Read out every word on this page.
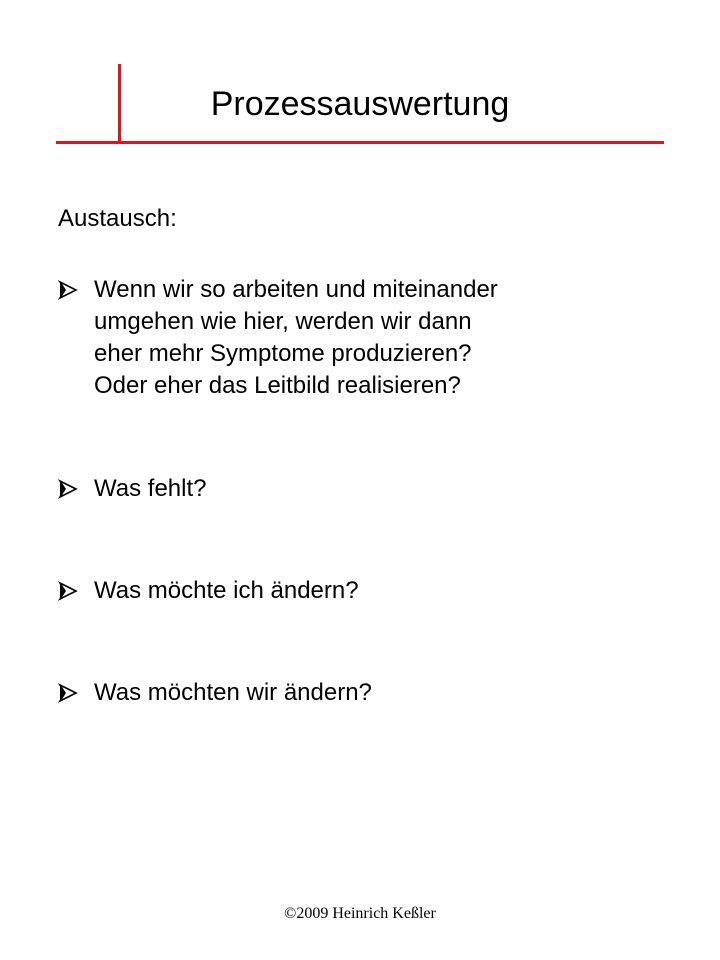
Prozessauswertung
Austausch:
Wenn wir so arbeiten und miteinander
umgehen wie hier, werden wir dann
eher mehr Symptome produzieren?
Oder eher das Leitbild realisieren?
Was fehlt?
Was möchte ich ändern?
Was möchten wir ändern?
©2009 Heinrich Keßler
